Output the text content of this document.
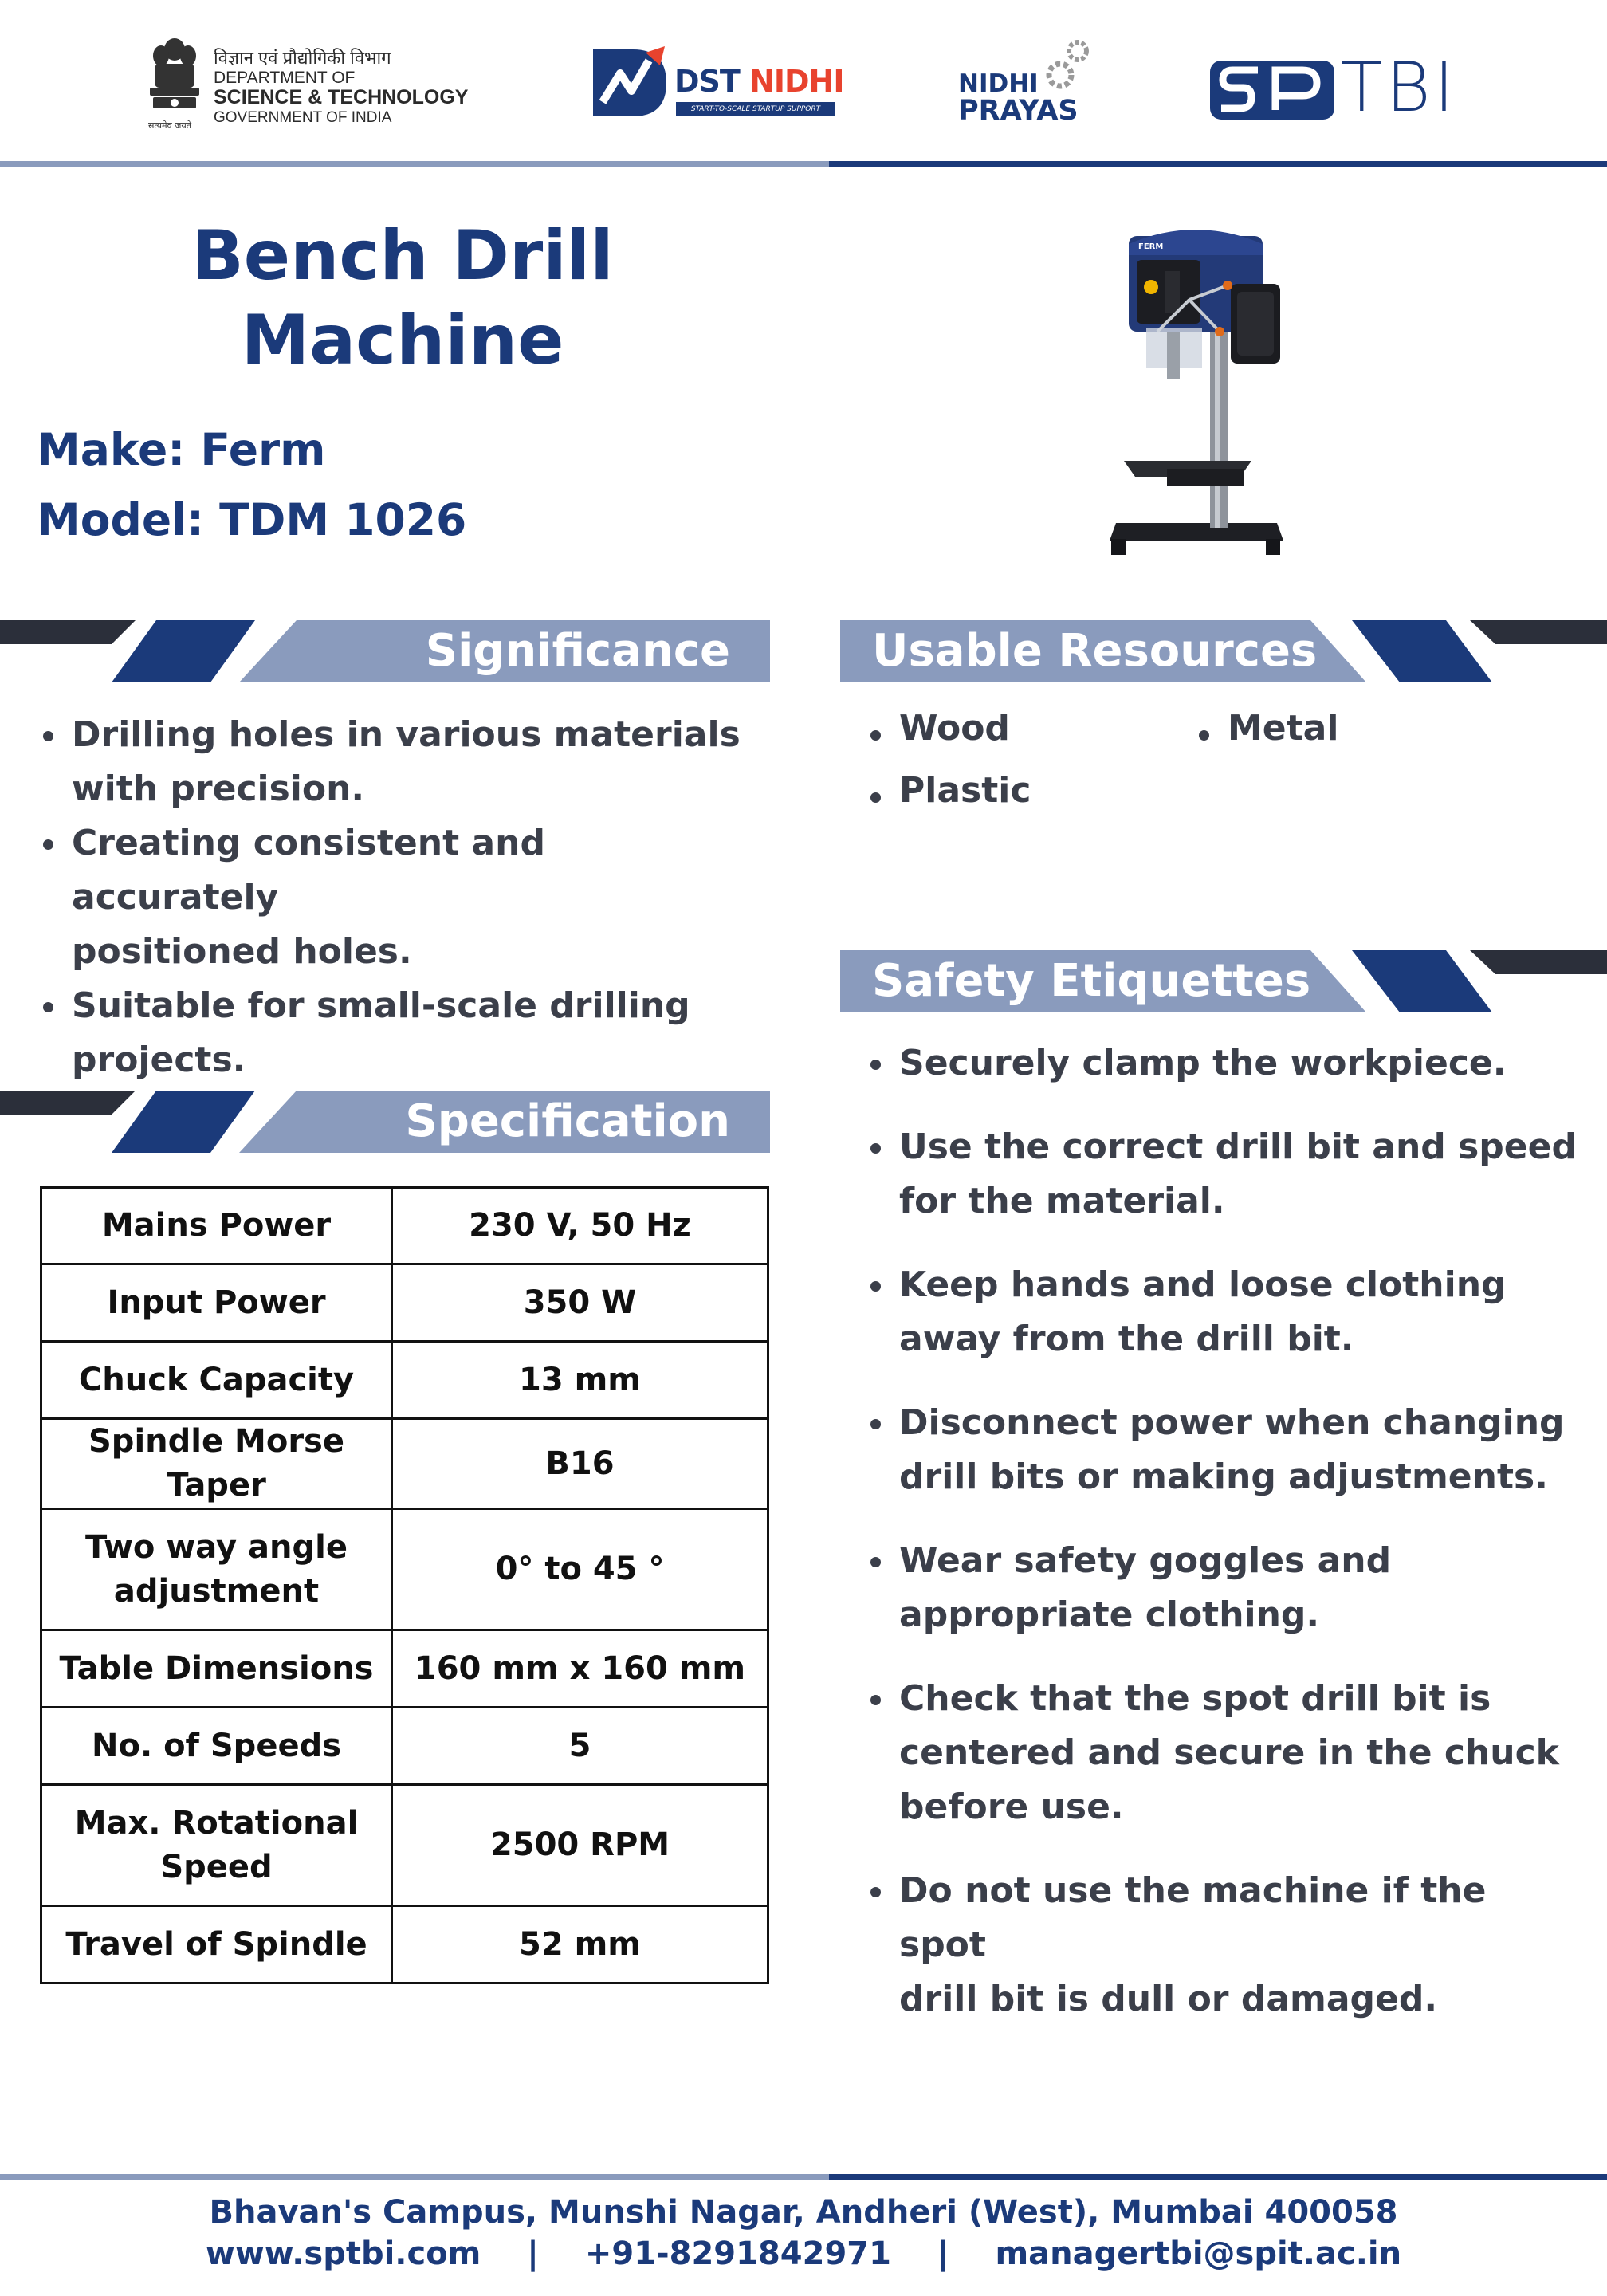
सत्यमेव जयते
विज्ञान एवं प्रौद्योगिकी विभाग
DEPARTMENT OF
SCIENCE & TECHNOLOGY
GOVERNMENT OF INDIA
DST NIDHI
START-TO-SCALE STARTUP SUPPORT
NIDHI
PRAYAS	TBI
Bench Drill
Machine
Make: Ferm
Model: TDM 1026
FERM
Significance
Drilling holes in various materials
with precision.
Creating consistent and accurately
positioned holes.
Suitable for small-scale drilling
projects.
Usable Resources
Wood	Metal
Plastic
Safety Etiquettes
Securely clamp the workpiece.
Use the correct drill bit and speed
for the material.
Keep hands and loose clothing
away from the drill bit.
Disconnect power when changing
drill bits or making adjustments.
Wear safety goggles and
appropriate clothing.
Check that the spot drill bit is
centered and secure in the chuck
before use.
Do not use the machine if the spot
drill bit is dull or damaged.
Specification
Mains Power	230 V, 50 Hz
Input Power	350 W
Chuck Capacity	13 mm
Spindle Morse Taper	B16
Two way angle
adjustment	0° to 45 °
Table Dimensions	160 mm x 160 mm
No. of Speeds	5
Max. Rotational
Speed	2500 RPM
Travel of Spindle	52 mm
Bhavan's Campus, Munshi Nagar, Andheri (West), Mumbai 400058
www.sptbi.com | +91-8291842971 | managertbi@spit.ac.in
